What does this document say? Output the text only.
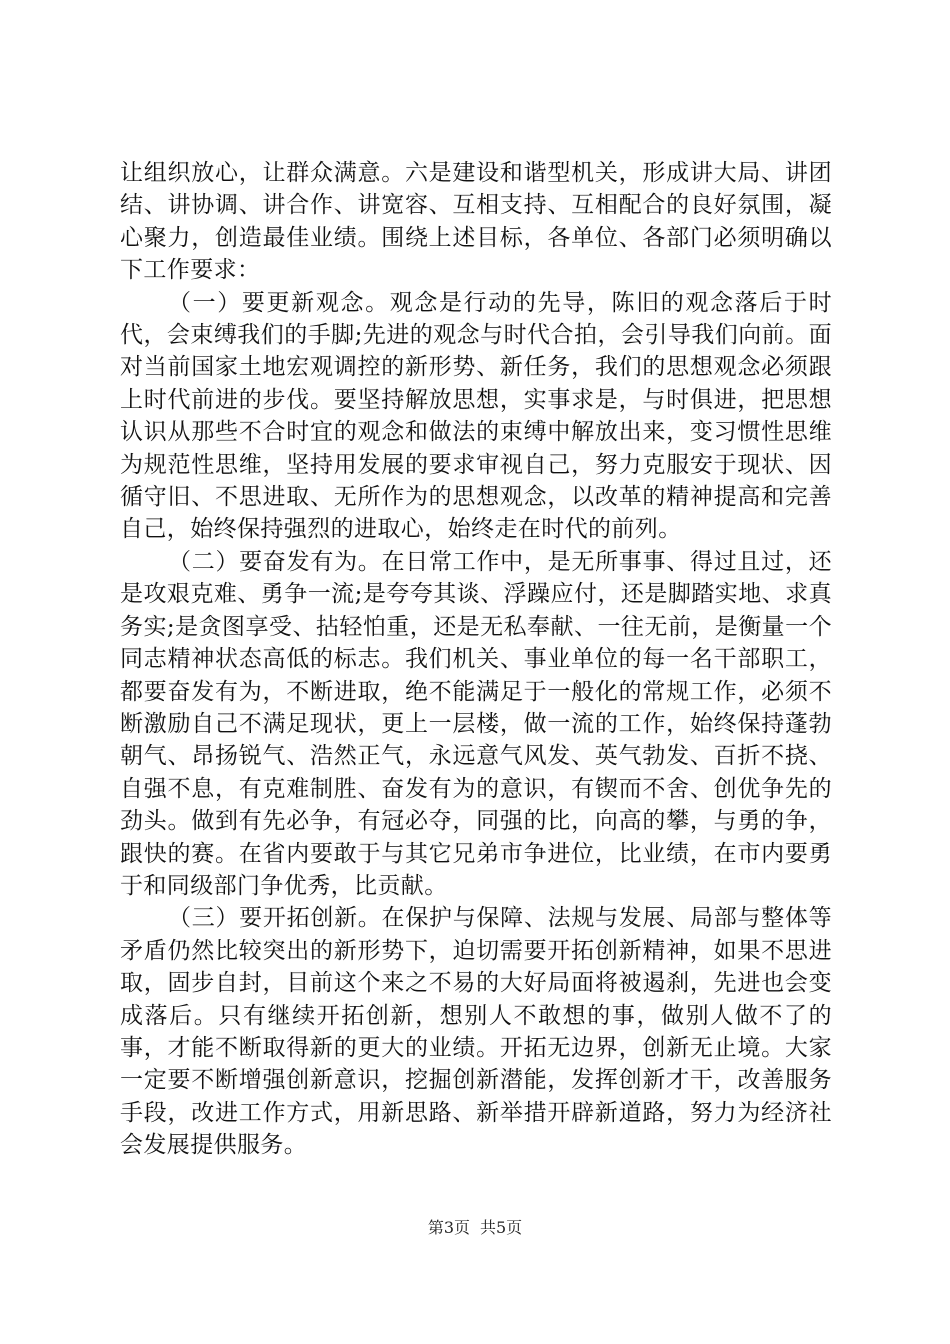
让组织放心，让群众满意。六是建设和谐型机关，形成讲大局、讲团结、讲协调、讲合作、讲宽容、互相支持、互相配合的良好氛围，凝心聚力，创造最佳业绩。围绕上述目标，各单位、各部门必须明确以下工作要求：

（一）要更新观念。观念是行动的先导，陈旧的观念落后于时代，会束缚我们的手脚;先进的观念与时代合拍，会引导我们向前。面对当前国家土地宏观调控的新形势、新任务，我们的思想观念必须跟上时代前进的步伐。要坚持解放思想，实事求是，与时俱进，把思想认识从那些不合时宜的观念和做法的束缚中解放出来，变习惯性思维为规范性思维，坚持用发展的要求审视自己，努力克服安于现状、因循守旧、不思进取、无所作为的思想观念，以改革的精神提高和完善自己，始终保持强烈的进取心，始终走在时代的前列。

（二）要奋发有为。在日常工作中，是无所事事、得过且过，还是攻艰克难、勇争一流;是夸夸其谈、浮躁应付，还是脚踏实地、求真务实;是贪图享受、拈轻怕重，还是无私奉献、一往无前，是衡量一个同志精神状态高低的标志。我们机关、事业单位的每一名干部职工，都要奋发有为，不断进取，绝不能满足于一般化的常规工作，必须不断激励自己不满足现状，更上一层楼，做一流的工作，始终保持蓬勃朝气、昂扬锐气、浩然正气，永远意气风发、英气勃发、百折不挠、自强不息，有克难制胜、奋发有为的意识，有锲而不舍、创优争先的劲头。做到有先必争，有冠必夺，同强的比，向高的攀，与勇的争，跟快的赛。在省内要敢于与其它兄弟市争进位，比业绩，在市内要勇于和同级部门争优秀，比贡献。

（三）要开拓创新。在保护与保障、法规与发展、局部与整体等矛盾仍然比较突出的新形势下，迫切需要开拓创新精神，如果不思进取，固步自封，目前这个来之不易的大好局面将被遏刹，先进也会变成落后。只有继续开拓创新，想别人不敢想的事，做别人做不了的事，才能不断取得新的更大的业绩。开拓无边界，创新无止境。大家一定要不断增强创新意识，挖掘创新潜能，发挥创新才干，改善服务手段，改进工作方式，用新思路、新举措开辟新道路，努力为经济社会发展提供服务。

第3页 共5页
